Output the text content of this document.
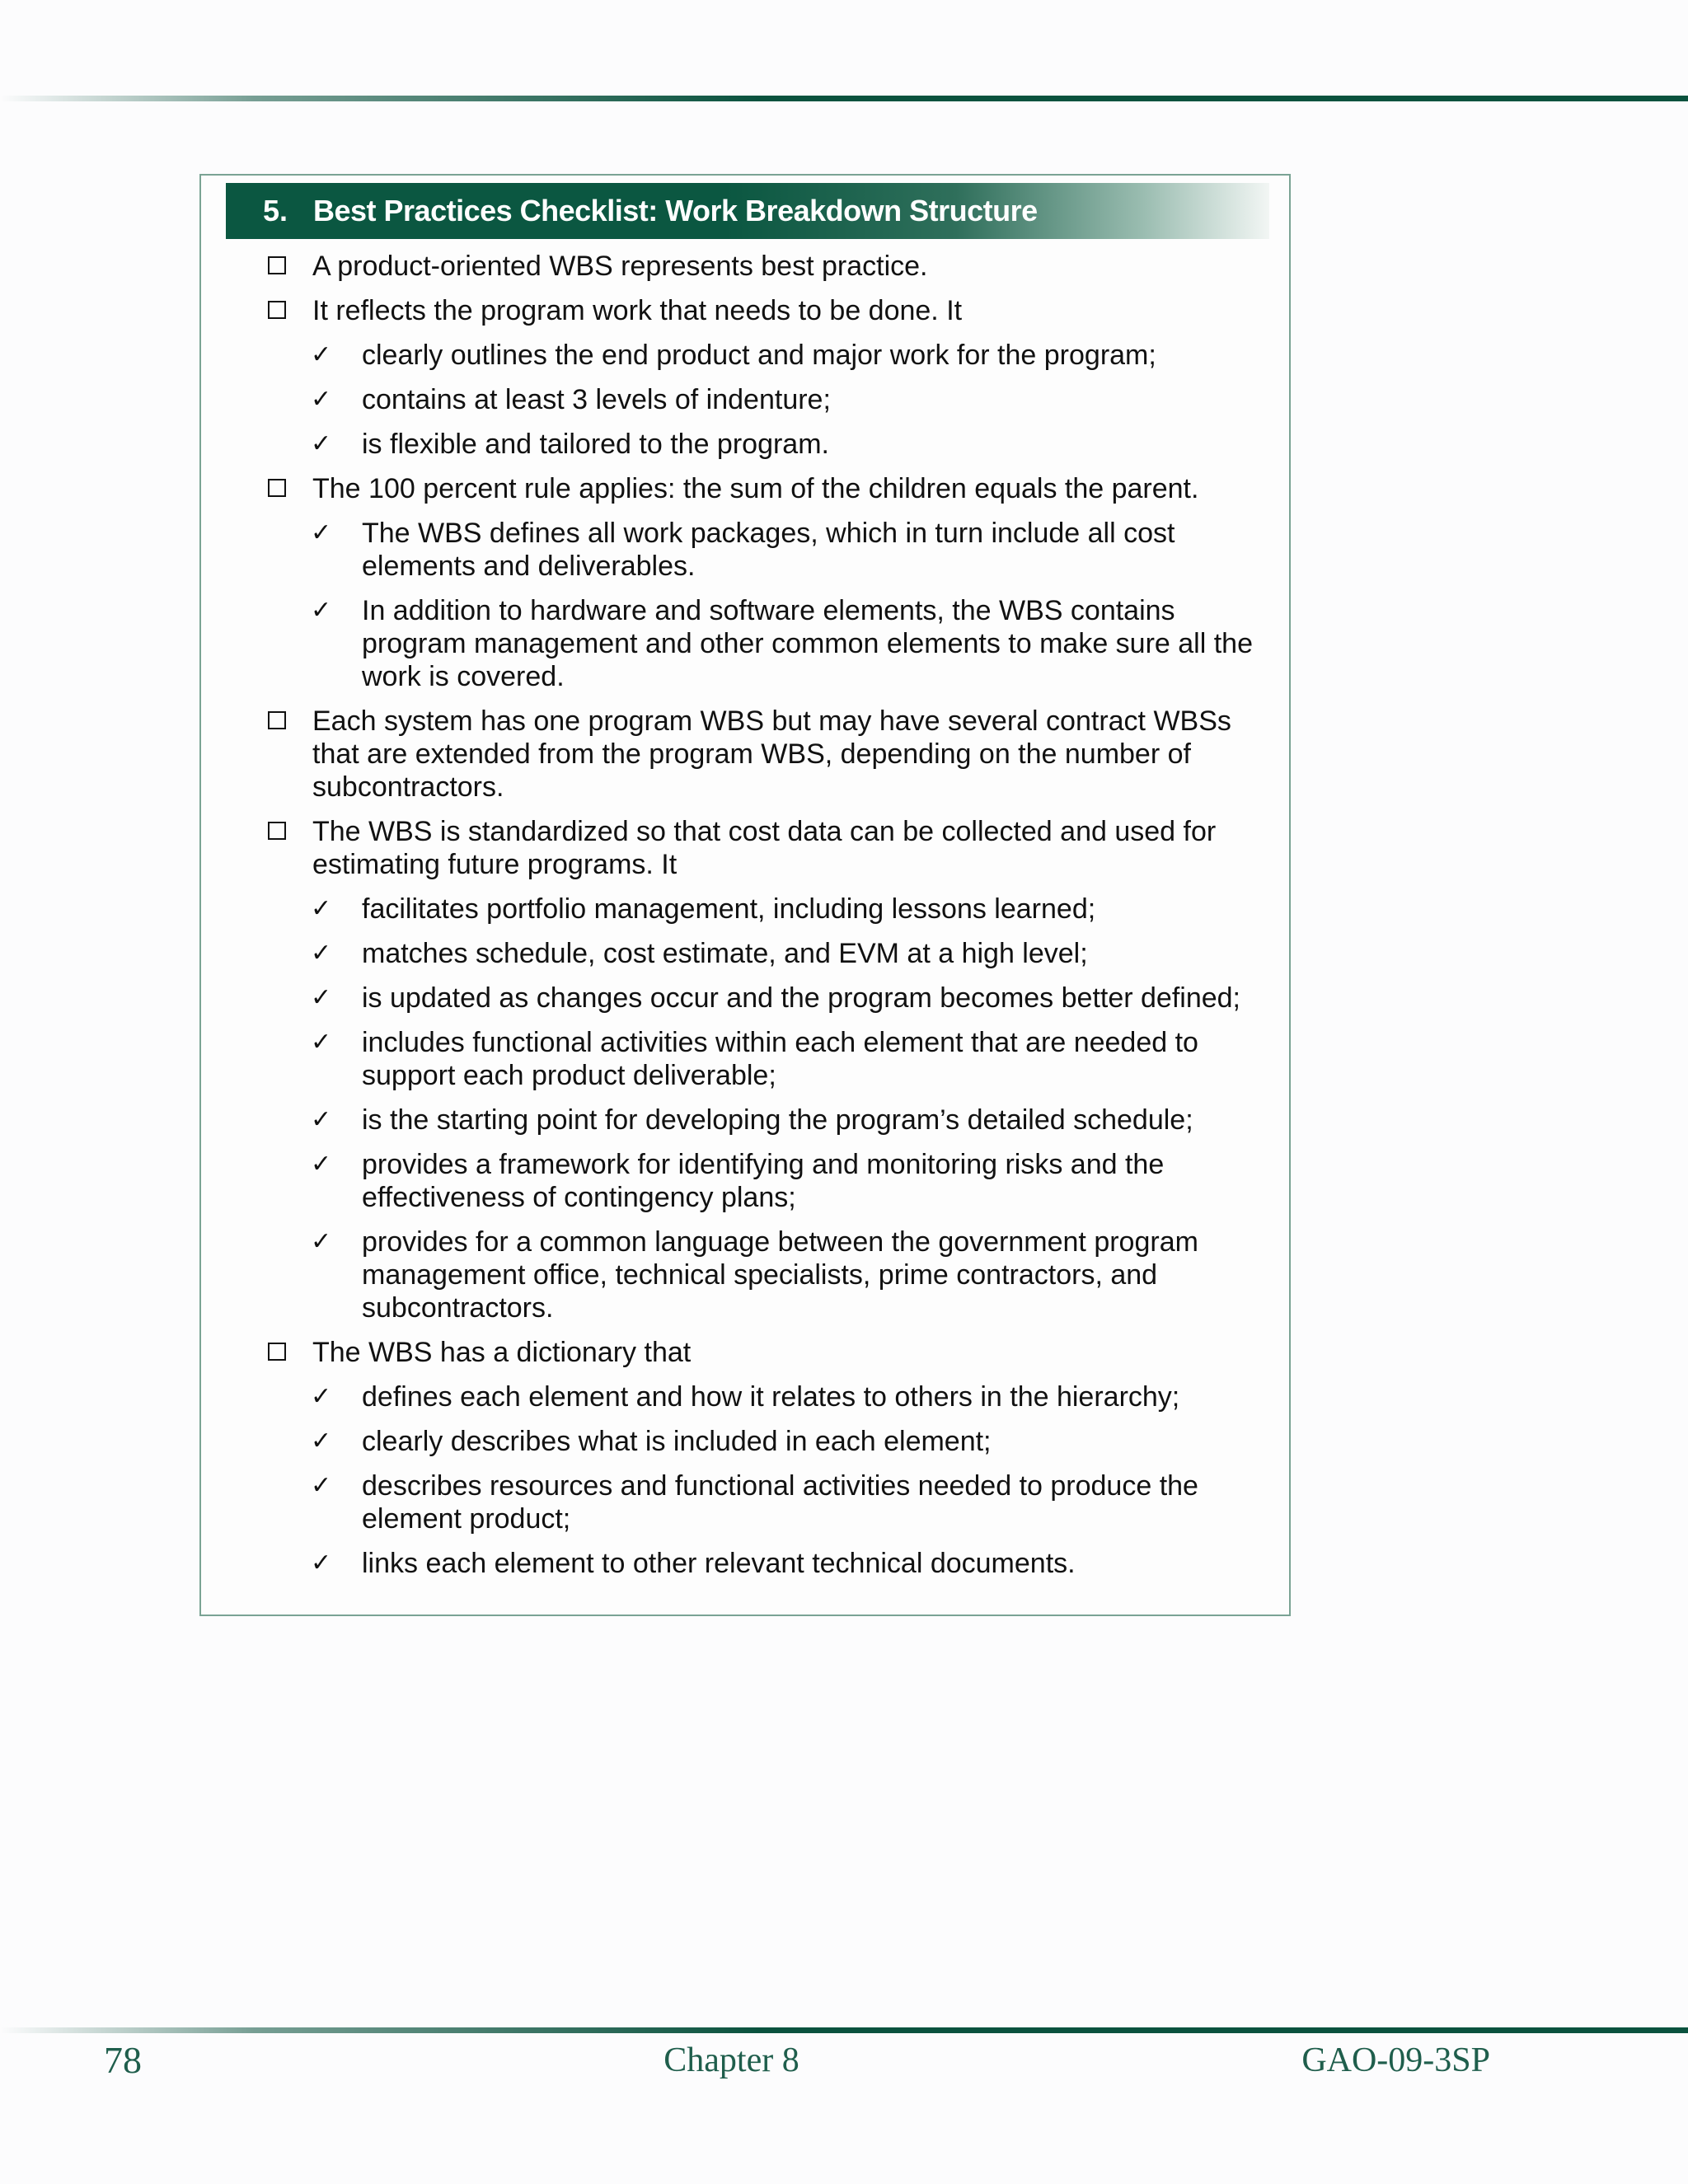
5. Best Practices Checklist: Work Breakdown Structure
A product-oriented WBS represents best practice.
It reflects the program work that needs to be done. It
✓ clearly outlines the end product and major work for the program;
✓ contains at least 3 levels of indenture;
✓ is flexible and tailored to the program.
The 100 percent rule applies: the sum of the children equals the parent.
✓ The WBS defines all work packages, which in turn include all cost elements and deliverables.
✓ In addition to hardware and software elements, the WBS contains program management and other common elements to make sure all the work is covered.
Each system has one program WBS but may have several contract WBSs that are extended from the program WBS, depending on the number of subcontractors.
The WBS is standardized so that cost data can be collected and used for estimating future programs. It
✓ facilitates portfolio management, including lessons learned;
✓ matches schedule, cost estimate, and EVM at a high level;
✓ is updated as changes occur and the program becomes better defined;
✓ includes functional activities within each element that are needed to support each product deliverable;
✓ is the starting point for developing the program’s detailed schedule;
✓ provides a framework for identifying and monitoring risks and the effectiveness of contingency plans;
✓ provides for a common language between the government program management office, technical specialists, prime contractors, and subcontractors.
The WBS has a dictionary that
✓ defines each element and how it relates to others in the hierarchy;
✓ clearly describes what is included in each element;
✓ describes resources and functional activities needed to produce the element product;
✓ links each element to other relevant technical documents.
78	Chapter 8	GAO-09-3SP
